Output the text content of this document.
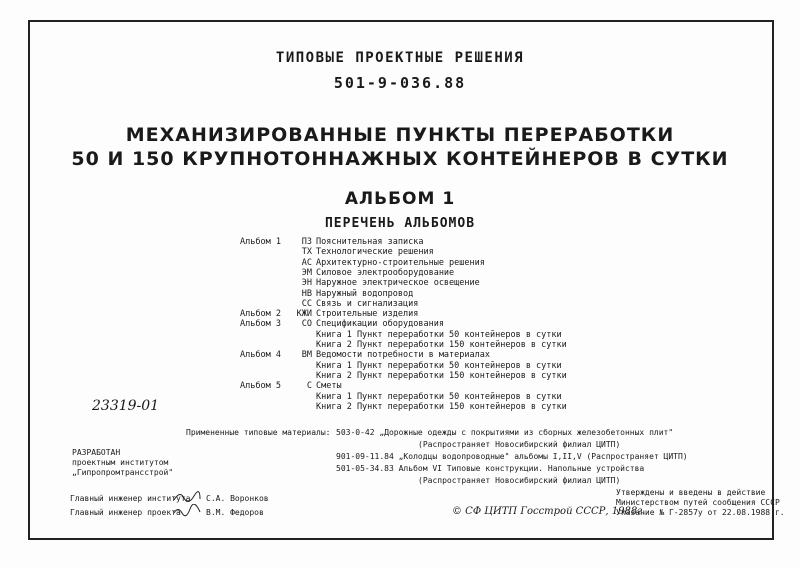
ТИПОВЫЕ ПРОЕКТНЫЕ РЕШЕНИЯ
501-9-036.88
МЕХАНИЗИРОВАННЫЕ ПУНКТЫ ПЕРЕРАБОТКИ
50 И 150 КРУПНОТОННАЖНЫХ КОНТЕЙНЕРОВ В СУТКИ
АЛЬБОМ 1
ПЕРЕЧЕНЬ АЛЬБОМОВ
Альбом 1	ПЗ Пояснительная записка
ТХ Технологические решения
АС Архитектурно-строительные решения
ЭМ Силовое электрооборудование
ЭН Наружное электрическое освещение
НВ Наружный водопровод
СС Связь и сигнализация
Альбом 2	КЖИ Строительные изделия
Альбом 3	СО Спецификации оборудования
Книга 1 Пункт переработки 50 контейнеров в сутки
Книга 2 Пункт переработки 150 контейнеров в сутки
Альбом 4	ВМ Ведомости потребности в материалах
Книга 1 Пункт переработки 50 контейнеров в сутки
Книга 2 Пункт переработки 150 контейнеров в сутки
Альбом 5	С Сметы
Книга 1 Пункт переработки 50 контейнеров в сутки
Книга 2 Пункт переработки 150 контейнеров в сутки
23319-01
Примененные типовые материалы: 503-0-42 „Дорожные одежды с покрытиями из сборных железобетонных плит"
(Распространяет Новосибирский филиал ЦИТП)
901-09-11.84 „Колодцы водопроводные" альбомы I,II,V (Распространяет ЦИТП)
501-05-34.83 Альбом VI Типовые конструкции. Напольные устройства
(Распространяет Новосибирский филиал ЦИТП)
РАЗРАБОТАН
проектным институтом
„Гипропромтрансстрой"
Главный инженер института С.А. Воронков
Главный инженер проекта	В.М. Федоров	© СФ ЦИТП Госстрой СССР, 1988г.
Утверждены и введены в действие
Министерством путей сообщения СССР
Указание № Г-2857у от 22.08.1988 г.
